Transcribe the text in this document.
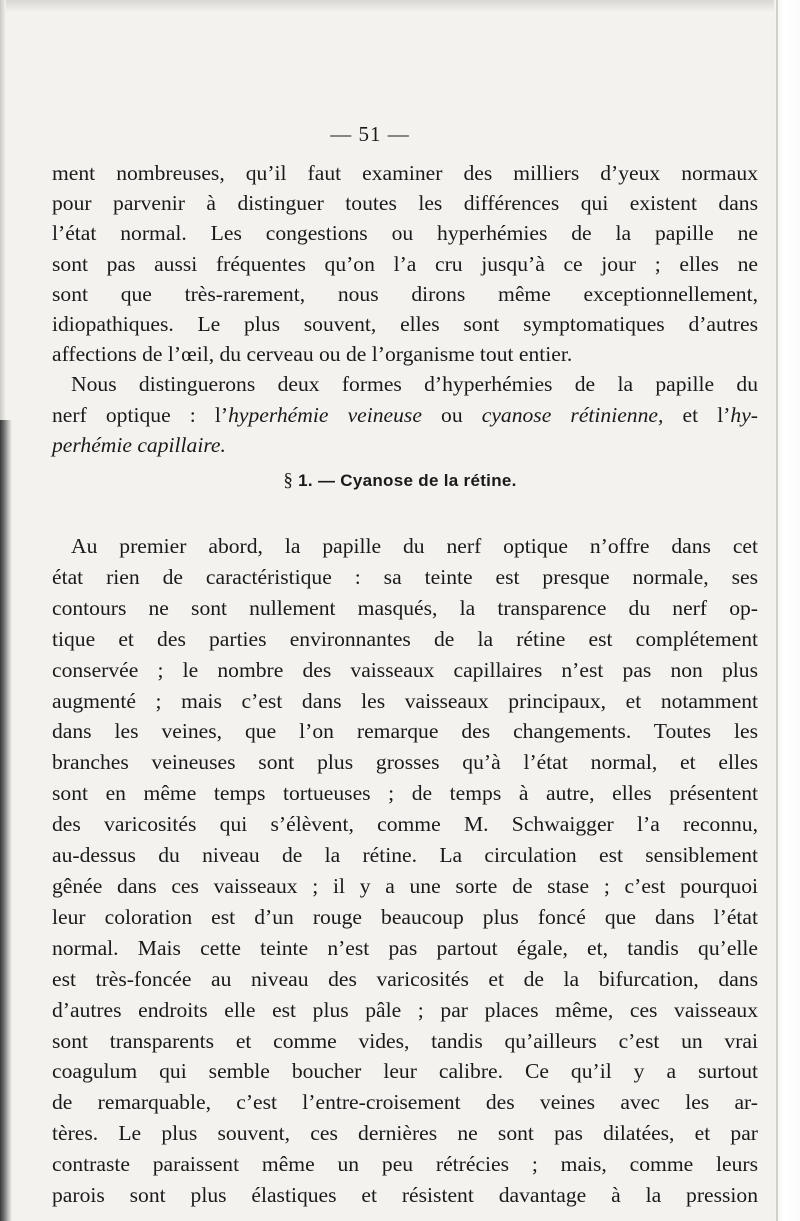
— 51 —

ment nombreuses, qu’il faut examiner des milliers d’yeux normaux
pour parvenir à distinguer toutes les différences qui existent dans
l’état normal. Les congestions ou hyperhémies de la papille ne
sont pas aussi fréquentes qu’on l’a cru jusqu’à ce jour ; elles ne
sont que très-rarement, nous dirons même exceptionnellement,
idiopathiques. Le plus souvent, elles sont symptomatiques d’autres
affections de l’œil, du cerveau ou de l’organisme tout entier.

Nous distinguerons deux formes d’hyperhémies de la papille du
nerf optique : l’hyperhémie veineuse ou cyanose rétinienne, et l’hy-
perhémie capillaire.

§ 1. — Cyanose de la rétine.

Au premier abord, la papille du nerf optique n’offre dans cet
état rien de caractéristique : sa teinte est presque normale, ses
contours ne sont nullement masqués, la transparence du nerf op-
tique et des parties environnantes de la rétine est complétement
conservée ; le nombre des vaisseaux capillaires n’est pas non plus
augmenté ; mais c’est dans les vaisseaux principaux, et notamment
dans les veines, que l’on remarque des changements. Toutes les
branches veineuses sont plus grosses qu’à l’état normal, et elles
sont en même temps tortueuses ; de temps à autre, elles présentent
des varicosités qui s’élèvent, comme M. Schwaigger l’a reconnu,
au-dessus du niveau de la rétine. La circulation est sensiblement
gênée dans ces vaisseaux ; il y a une sorte de stase ; c’est pourquoi
leur coloration est d’un rouge beaucoup plus foncé que dans l’état
normal. Mais cette teinte n’est pas partout égale, et, tandis qu’elle
est très-foncée au niveau des varicosités et de la bifurcation, dans
d’autres endroits elle est plus pâle ; par places même, ces vaisseaux
sont transparents et comme vides, tandis qu’ailleurs c’est un vrai
coagulum qui semble boucher leur calibre. Ce qu’il y a surtout
de remarquable, c’est l’entre-croisement des veines avec les ar-
tères. Le plus souvent, ces dernières ne sont pas dilatées, et par
contraste paraissent même un peu rétrécies ; mais, comme leurs
parois sont plus élastiques et résistent davantage à la pression
